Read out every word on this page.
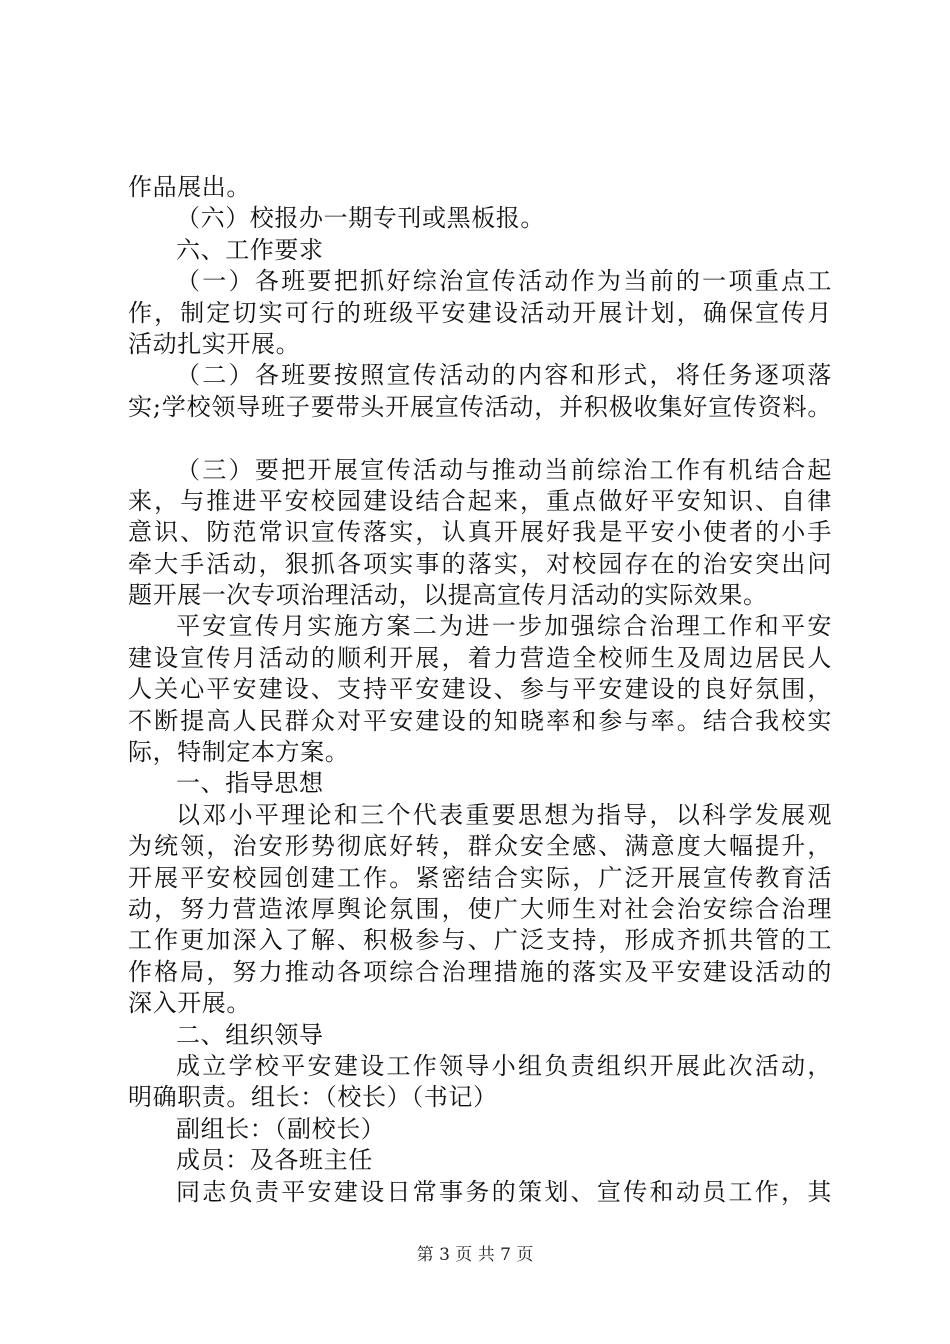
作品展出。
（六）校报办一期专刊或黑板报。
六、工作要求
（一）各班要把抓好综治宣传活动作为当前的一项重点工
作，制定切实可行的班级平安建设活动开展计划，确保宣传月
活动扎实开展。
（二）各班要按照宣传活动的内容和形式，将任务逐项落
实;学校领导班子要带头开展宣传活动，并积极收集好宣传资料。
（三）要把开展宣传活动与推动当前综治工作有机结合起
来，与推进平安校园建设结合起来，重点做好平安知识、自律
意识、防范常识宣传落实，认真开展好我是平安小使者的小手
牵大手活动，狠抓各项实事的落实，对校园存在的治安突出问
题开展一次专项治理活动，以提高宣传月活动的实际效果。
平安宣传月实施方案二为进一步加强综合治理工作和平安
建设宣传月活动的顺利开展，着力营造全校师生及周边居民人
人关心平安建设、支持平安建设、参与平安建设的良好氛围，
不断提高人民群众对平安建设的知晓率和参与率。结合我校实
际，特制定本方案。
一、指导思想
以邓小平理论和三个代表重要思想为指导，以科学发展观
为统领，治安形势彻底好转，群众安全感、满意度大幅提升，
开展平安校园创建工作。紧密结合实际，广泛开展宣传教育活
动，努力营造浓厚舆论氛围，使广大师生对社会治安综合治理
工作更加深入了解、积极参与、广泛支持，形成齐抓共管的工
作格局，努力推动各项综合治理措施的落实及平安建设活动的
深入开展。
二、组织领导
成立学校平安建设工作领导小组负责组织开展此次活动，
明确职责。组长：（校长）（书记）
副组长：（副校长）
成员：及各班主任
同志负责平安建设日常事务的策划、宣传和动员工作，其
第 3 页 共 7 页
